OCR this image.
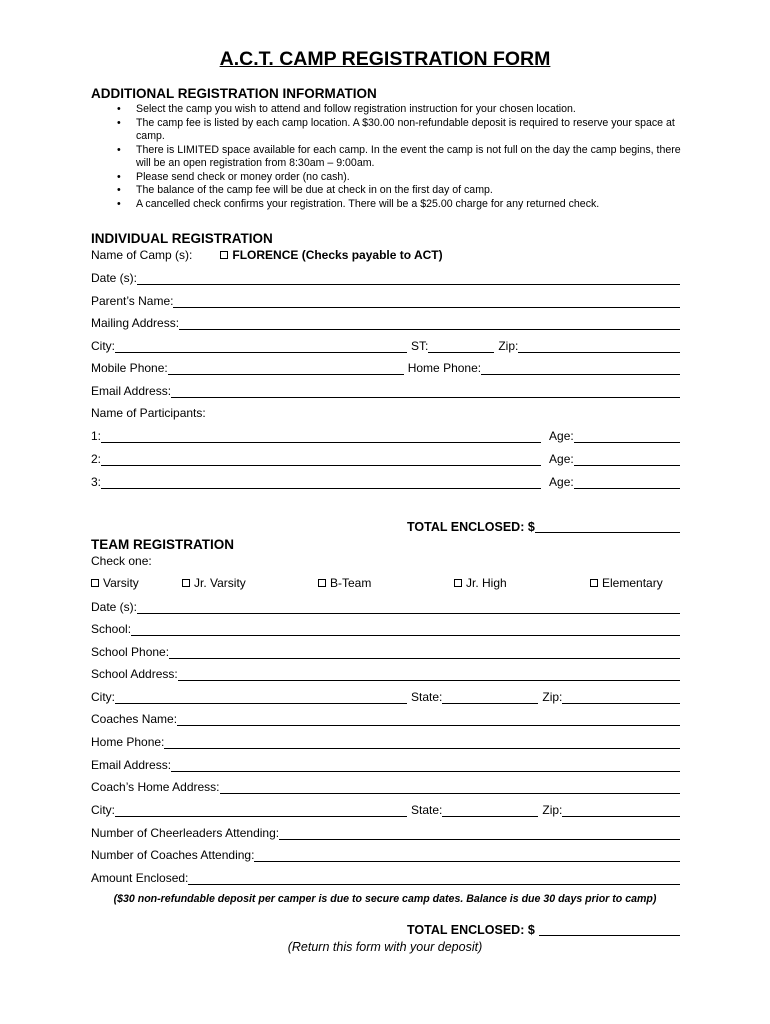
A.C.T. CAMP REGISTRATION FORM
ADDITIONAL REGISTRATION INFORMATION
• Select the camp you wish to attend and follow registration instruction for your chosen location.
• The camp fee is listed by each camp location. A $30.00 non-refundable deposit is required to reserve your space at camp.
• There is LIMITED space available for each camp. In the event the camp is not full on the day the camp begins, there will be an open registration from 8:30am – 9:00am.
• Please send check or money order (no cash).
• The balance of the camp fee will be due at check in on the first day of camp.
• A cancelled check confirms your registration. There will be a $25.00 charge for any returned check.
INDIVIDUAL REGISTRATION
Name of Camp (s):	FLORENCE (Checks payable to ACT)
Date (s):
Parent’s Name:
Mailing Address:
City:	ST:	Zip:
Mobile Phone:	Home Phone:
Email Address:
Name of Participants:
1:	Age:
2:	Age:
3:	Age:
TOTAL ENCLOSED: $
TEAM REGISTRATION
Check one:
Varsity	Jr. Varsity	B-Team	Jr. High	Elementary
Date (s):
School:
School Phone:
School Address:
City:	State:	Zip:
Coaches Name:
Home Phone:
Email Address:
Coach’s Home Address:
City:	State:	Zip:
Number of Cheerleaders Attending:
Number of Coaches Attending:
Amount Enclosed:
($30 non-refundable deposit per camper is due to secure camp dates. Balance is due 30 days prior to camp)
TOTAL ENCLOSED: $
(Return this form with your deposit)
